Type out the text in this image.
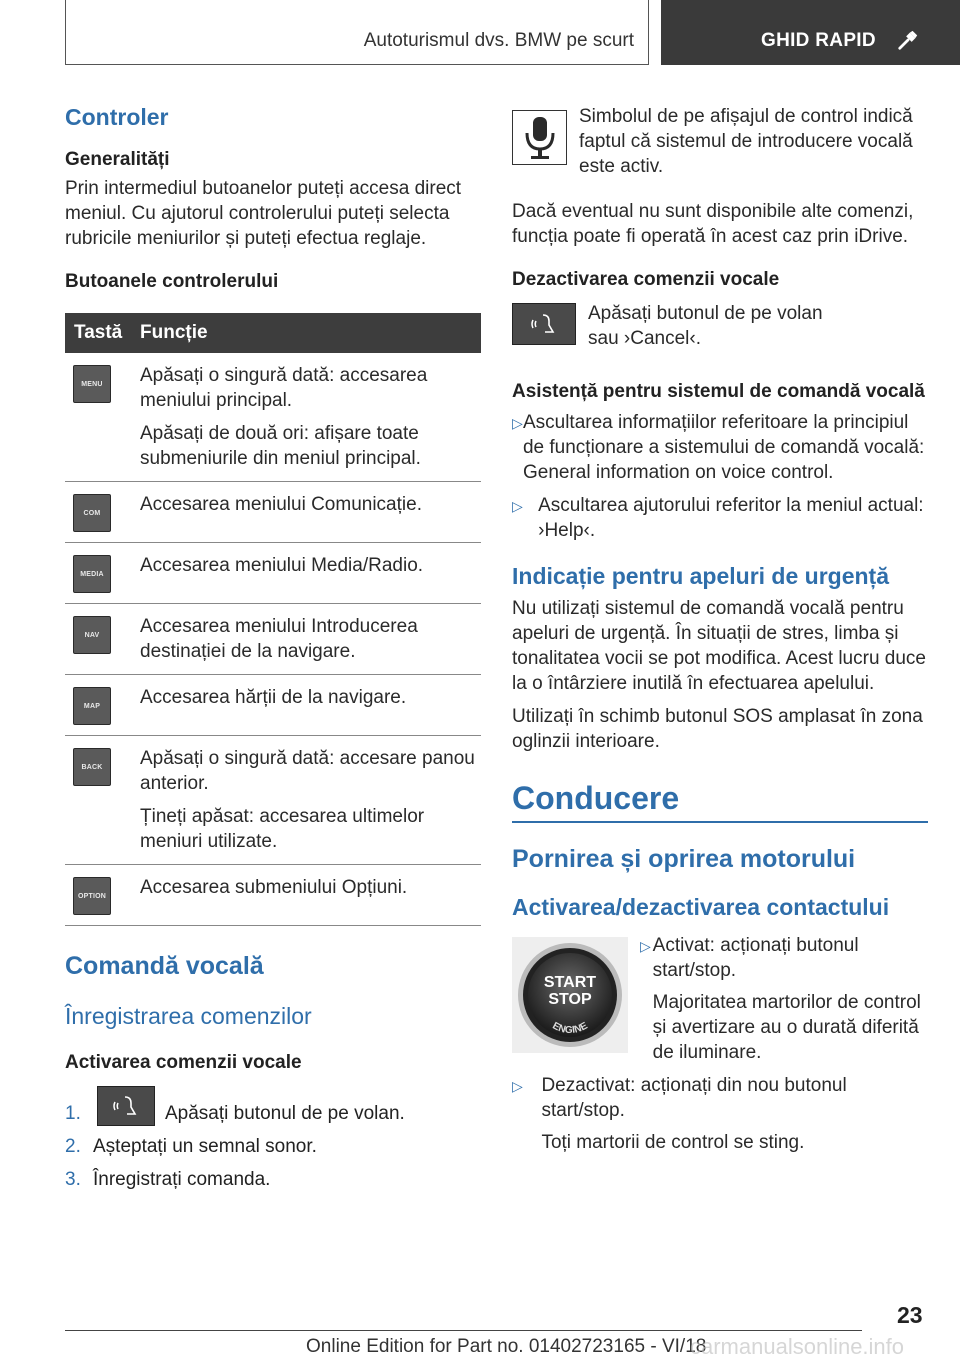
Autoturismul dvs. BMW pe scurt	GHID RAPID
Controler
Generalități

Prin intermediul butoanelor puteți accesa direct meniul. Cu ajutorul controlerului puteți selecta rubricile meniurilor și puteți efectua reglaje.

Butoanele controlerului
Tastă Funcție
MENU	Apăsați o singură dată: accesarea meniului principal.

Apăsați de două ori: afișare toate submeniurile din meniul principal.

COM	Accesarea meniului Comunicație.

MEDIA	Accesarea meniului Media/Radio.

NAV	Accesarea meniului Introducerea destinației de la navigare.

MAP	Accesarea hărții de la navigare.

BACK	Apăsați o singură dată: accesare panou anterior.

Țineți apăsat: accesarea ultimelor meniuri utilizate.

OPTION Accesarea submeniului Opțiuni.

Comandă vocală
Înregistrarea comenzilor
Activarea comenzii vocale
1.	Apăsați butonul de pe volan.
2. Așteptați un semnal sonor.
3. Înregistrați comanda.

Simbolul de pe afișajul de control indică faptul că sistemul de introducere vocală este activ.

Dacă eventual nu sunt disponibile alte comenzi, funcția poate fi operată în acest caz prin iDrive.

Dezactivarea comenzii vocale

Apăsați butonul de pe volan sau ›Cancel‹.

Asistență pentru sistemul de comandă vocală
▷ Ascultarea informațiilor referitoare la principiul de funcționare a sistemului de comandă vocală: General information on voice control.

▷ Ascultarea ajutorului referitor la meniul actual: ›Help‹.

Indicație pentru apeluri de urgență

Nu utilizați sistemul de comandă vocală pentru apeluri de urgență. În situații de stres, limba și tonalitatea vocii se pot modifica. Acest lucru duce la o întârziere inutilă în efectuarea apelului.

Utilizați în schimb butonul SOS amplasat în zona oglinzii interioare.

Conducere
Pornirea și oprirea motorului
Activarea/dezactivarea contactului
START
STOP
ENGINE
▷ Activat: acționați butonul start/stop.

Majoritatea martorilor de control și avertizare au o durată diferită de iluminare.

▷ Dezactivat: acționați din nou butonul start/stop.

Toți martorii de control se sting.

23
Online Edition for Part no. 01402723165 - VI/18
carmanualsonline.info
